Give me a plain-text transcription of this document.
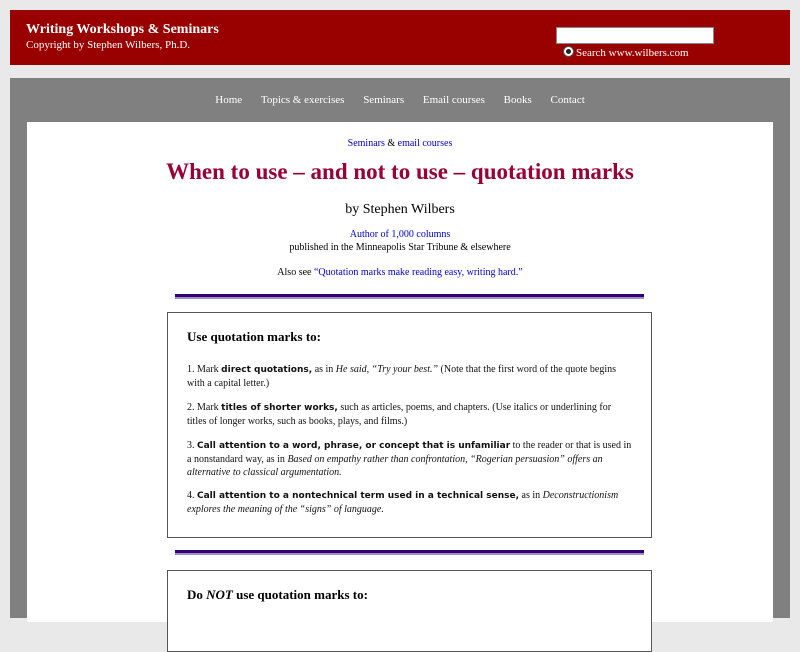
Writing Workshops & Seminars
Copyright by Stephen Wilbers, Ph.D.
Search www.wilbers.com
Home Topics & exercises Seminars Email courses Books Contact
Seminars & email courses
When to use – and not to use – quotation marks
by Stephen Wilbers
Author of 1,000 columns
published in the Minneapolis Star Tribune & elsewhere
Also see “Quotation marks make reading easy, writing hard.”
Use quotation marks to:
1. Mark direct quotations, as in He said, “Try your best.” (Note that the first word of the quote begins with a capital letter.)
2. Mark titles of shorter works, such as articles, poems, and chapters. (Use italics or underlining for titles of longer works, such as books, plays, and films.)
3. Call attention to a word, phrase, or concept that is unfamiliar to the reader or that is used in a nonstandard way, as in Based on empathy rather than confrontation, “Rogerian persuasion” offers an alternative to classical argumentation.
4. Call attention to a nontechnical term used in a technical sense, as in Deconstructionism explores the meaning of the “signs” of language.
Do NOT use quotation marks to:
